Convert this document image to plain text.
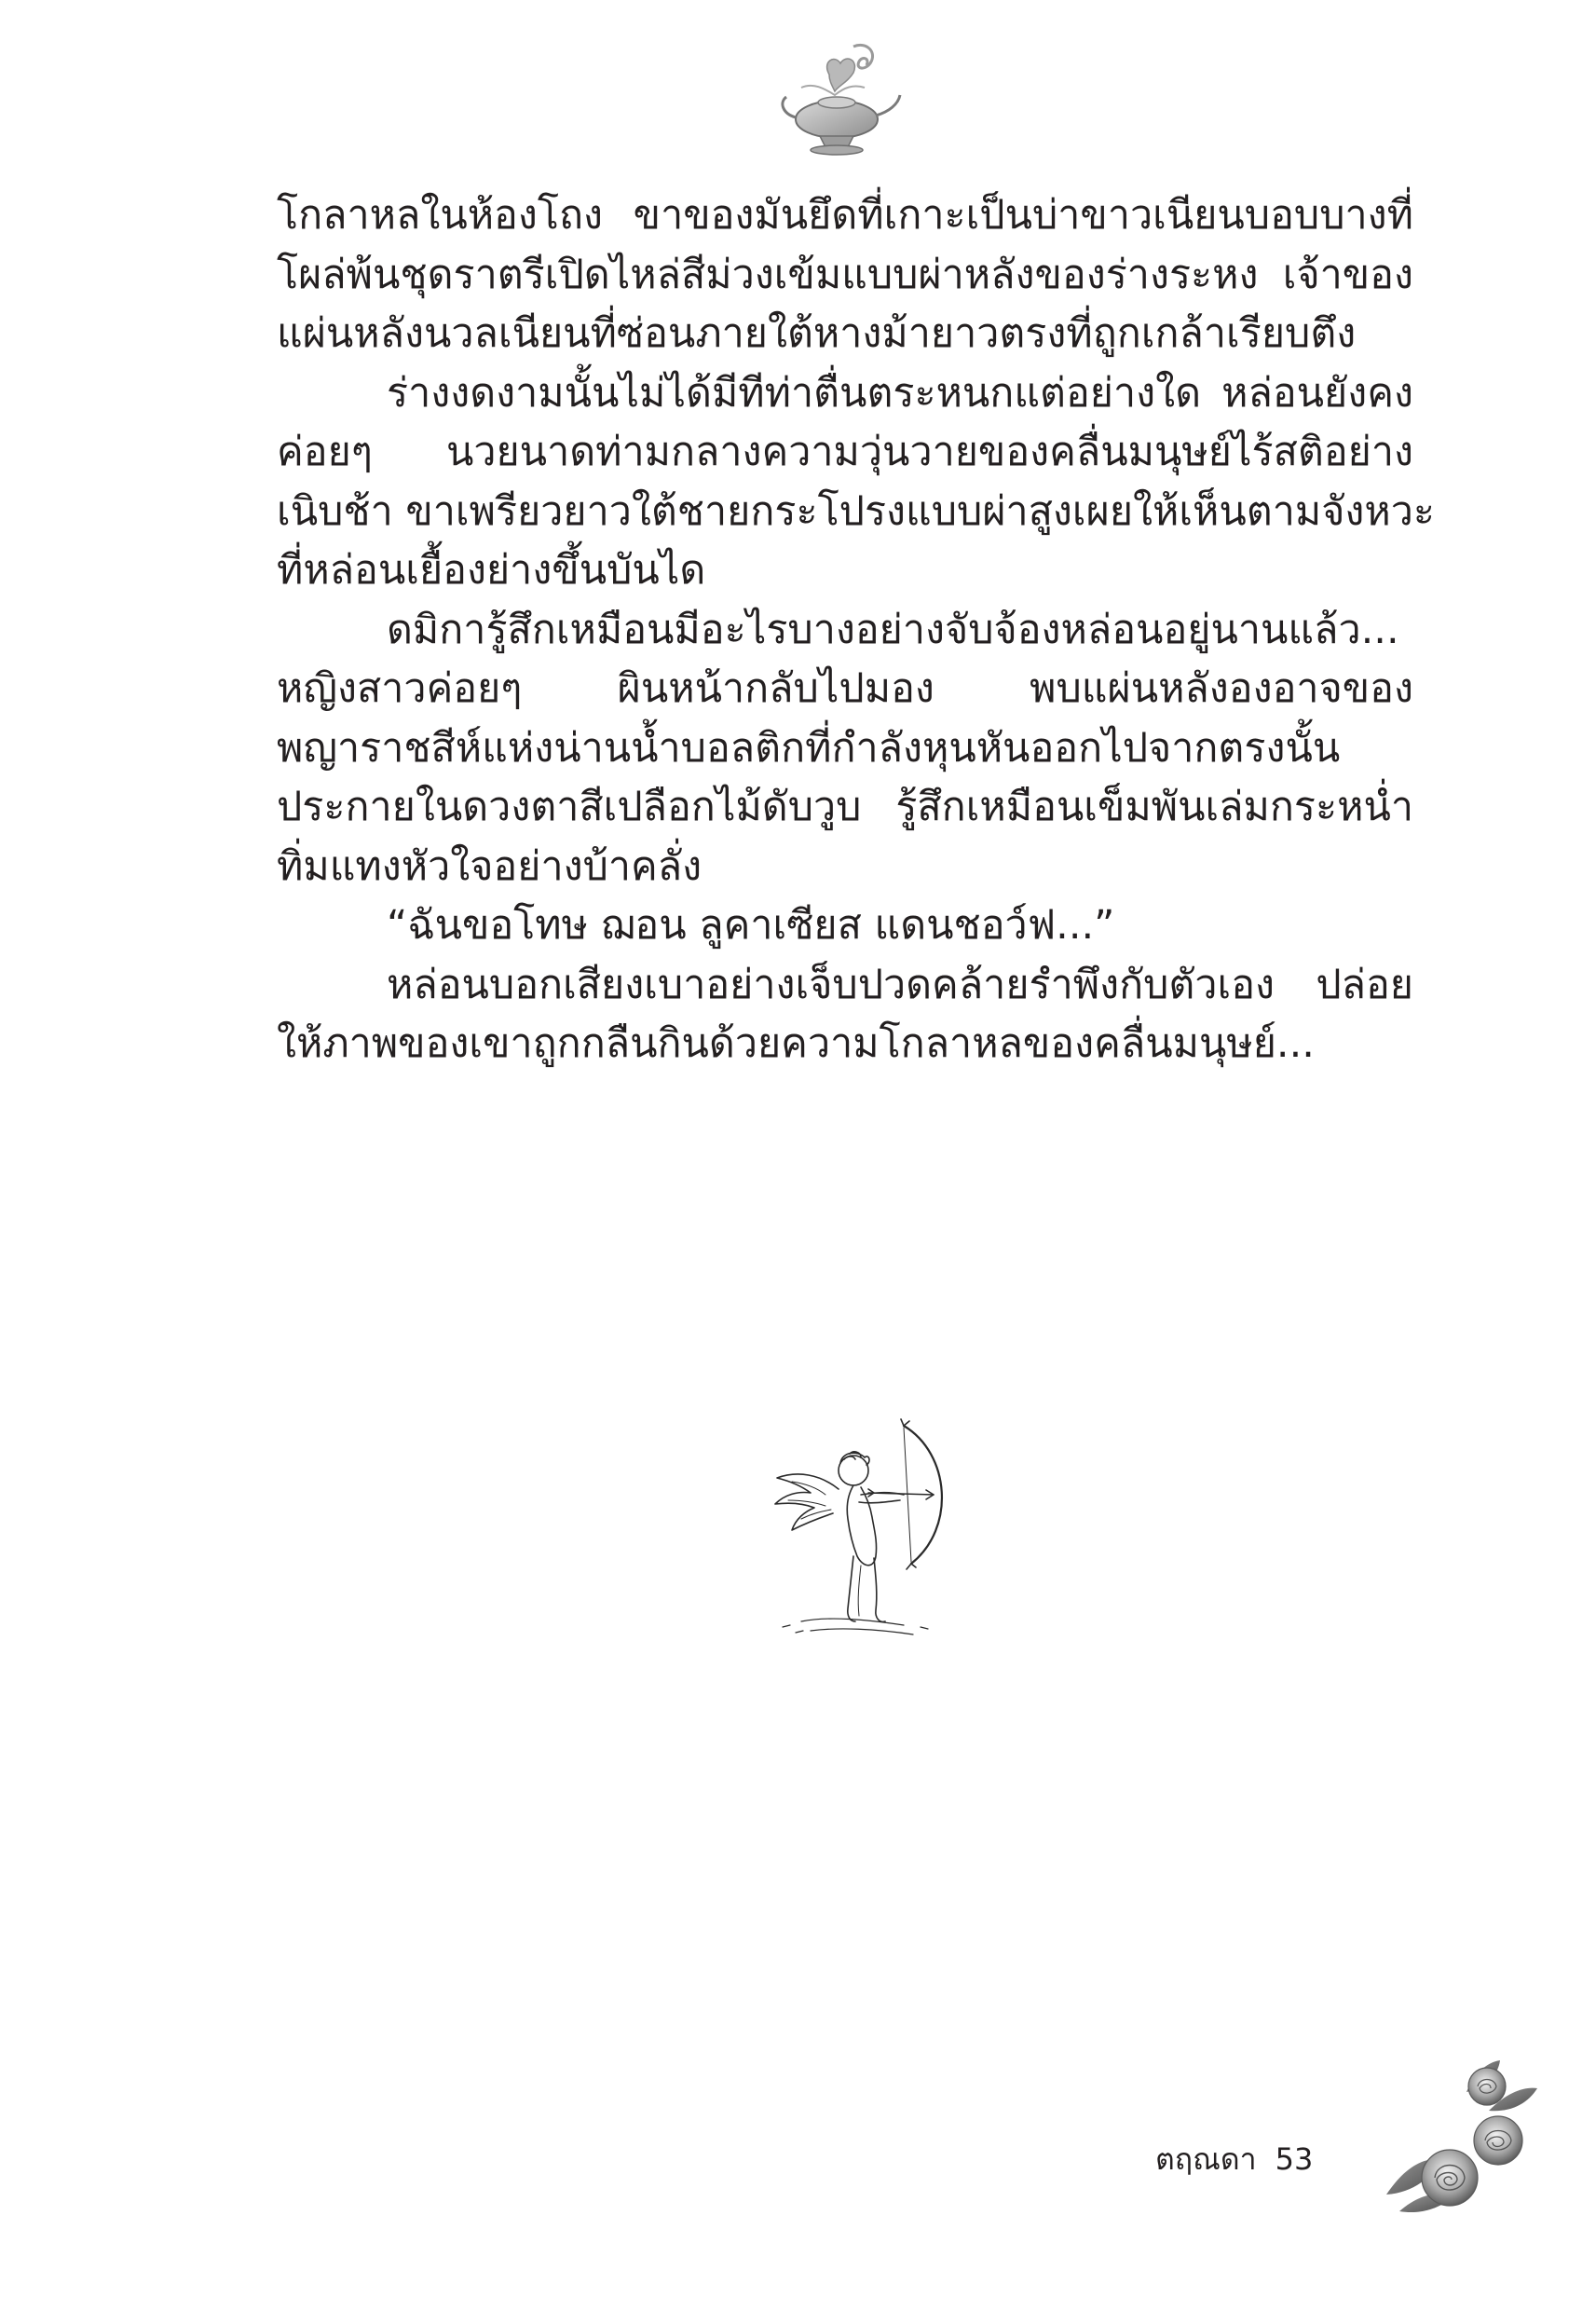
โกลาหลในห้องโถง ขาของมันยึดที่เกาะเป็นบ่าขาวเนียนบอบบางที่
โผล่พ้นชุดราตรีเปิดไหล่สีม่วงเข้มแบบผ่าหลังของร่างระหง เจ้าของ
แผ่นหลังนวลเนียนที่ซ่อนภายใต้หางม้ายาวตรงที่ถูกเกล้าเรียบตึง
ร่างงดงามนั้นไม่ได้มีทีท่าตื่นตระหนกแต่อย่างใด หล่อนยังคง
ค่อยๆ นวยนาดท่ามกลางความวุ่นวายของคลื่นมนุษย์ไร้สติอย่าง
เนิบช้า ขาเพรียวยาวใต้ชายกระโปรงแบบผ่าสูงเผยให้เห็นตามจังหวะ
ที่หล่อนเยื้องย่างขึ้นบันได
ดมิการู้สึกเหมือนมีอะไรบางอย่างจับจ้องหล่อนอยู่นานแล้ว...
หญิงสาวค่อยๆ ผินหน้ากลับไปมอง พบแผ่นหลังองอาจของ
พญาราชสีห์แห่งน่านน้ำบอลติกที่กำลังหุนหันออกไปจากตรงนั้น
ประกายในดวงตาสีเปลือกไม้ดับวูบ รู้สึกเหมือนเข็มพันเล่มกระหน่ำ
ทิ่มแทงหัวใจอย่างบ้าคลั่ง
“ฉันขอโทษ ฌอน ลูคาเซียส แดนชอว์ฟ...”
หล่อนบอกเสียงเบาอย่างเจ็บปวดคล้ายรำพึงกับตัวเอง ปล่อย
ให้ภาพของเขาถูกกลืนกินด้วยความโกลาหลของคลื่นมนุษย์...
ตฤณดา 53
